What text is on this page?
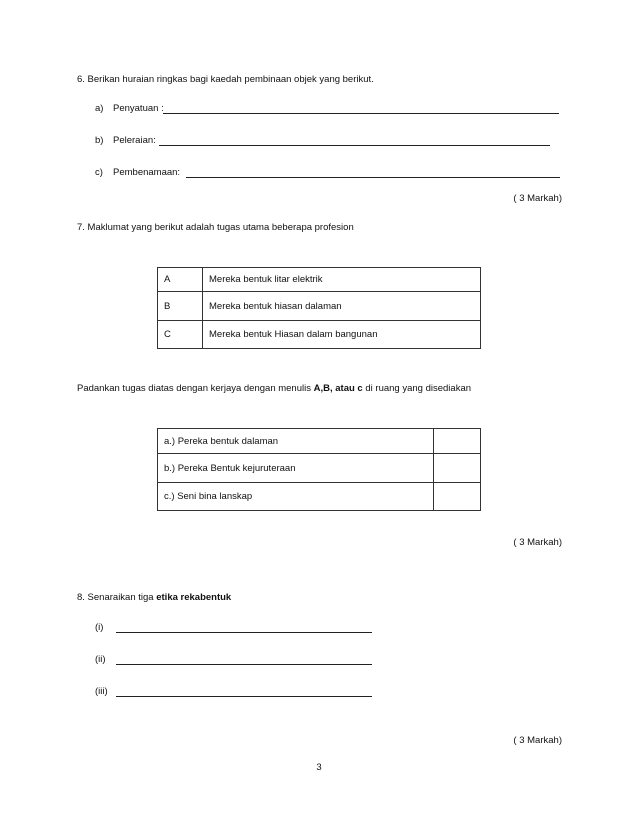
6. Berikan huraian ringkas bagi kaedah pembinaan objek yang berikut.
a) Penyatuan :
b) Peleraian:
c) Pembenamaan:
( 3 Markah)
7. Maklumat yang berikut adalah tugas utama beberapa profesion
A	Mereka bentuk litar elektrik
B	Mereka bentuk hiasan dalaman
C	Mereka bentuk Hiasan dalam bangunan
Padankan tugas diatas dengan kerjaya dengan menulis A,B, atau c di ruang yang disediakan
a.) Pereka bentuk dalaman	
b.) Pereka Bentuk kejuruteraan	
c.) Seni bina lanskap	
( 3 Markah)
8. Senaraikan tiga etika rekabentuk
(i)
(ii)
(iii)
( 3 Markah)
3
